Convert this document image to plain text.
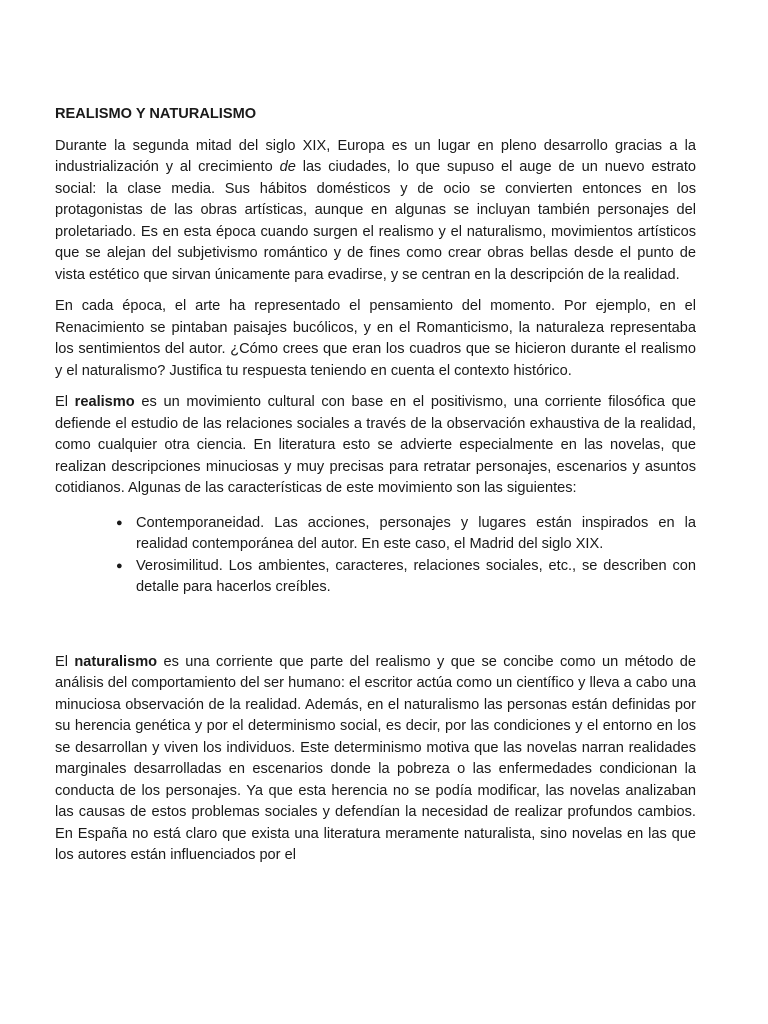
REALISMO Y NATURALISMO

Durante la segunda mitad del siglo XIX, Europa es un lugar en pleno desarrollo gracias a la industrialización y al crecimiento de las ciudades, lo que supuso el auge de un nuevo estrato social: la clase media. Sus hábitos domésticos y de ocio se convierten entonces en los protagonistas de las obras artísticas, aunque en algunas se incluyan también personajes del proletariado. Es en esta época cuando surgen el realismo y el naturalismo, movimientos artísticos que se alejan del subjetivismo romántico y de fines como crear obras bellas desde el punto de vista estético que sirvan únicamente para evadirse, y se centran en la descripción de la realidad.

En cada época, el arte ha representado el pensamiento del momento. Por ejemplo, en el Renacimiento se pintaban paisajes bucólicos, y en el Romanticismo, la naturaleza representaba los sentimientos del autor. ¿Cómo crees que eran los cuadros que se hicieron durante el realismo y el naturalismo? Justifica tu respuesta teniendo en cuenta el contexto histórico.

El realismo es un movimiento cultural con base en el positivismo, una corriente filosófica que defiende el estudio de las relaciones sociales a través de la observación exhaustiva de la realidad, como cualquier otra ciencia. En literatura esto se advierte especialmente en las novelas, que realizan descripciones minuciosas y muy precisas para retratar personajes, escenarios y asuntos cotidianos. Algunas de las características de este movimiento son las siguientes:

● Contemporaneidad. Las acciones, personajes y lugares están inspirados en la realidad contemporánea del autor. En este caso, el Madrid del siglo XIX.
● Verosimilitud. Los ambientes, caracteres, relaciones sociales, etc., se describen con detalle para hacerlos creíbles.

El naturalismo es una corriente que parte del realismo y que se concibe como un método de análisis del comportamiento del ser humano: el escritor actúa como un científico y lleva a cabo una minuciosa observación de la realidad. Además, en el naturalismo las personas están definidas por su herencia genética y por el determinismo social, es decir, por las condiciones y el entorno en los se desarrollan y viven los individuos. Este determinismo motiva que las novelas narran realidades marginales desarrolladas en escenarios donde la pobreza o las enfermedades condicionan la conducta de los personajes. Ya que esta herencia no se podía modificar, las novelas analizaban las causas de estos problemas sociales y defendían la necesidad de realizar profundos cambios. En España no está claro que exista una literatura meramente naturalista, sino novelas en las que los autores están influenciados por el
